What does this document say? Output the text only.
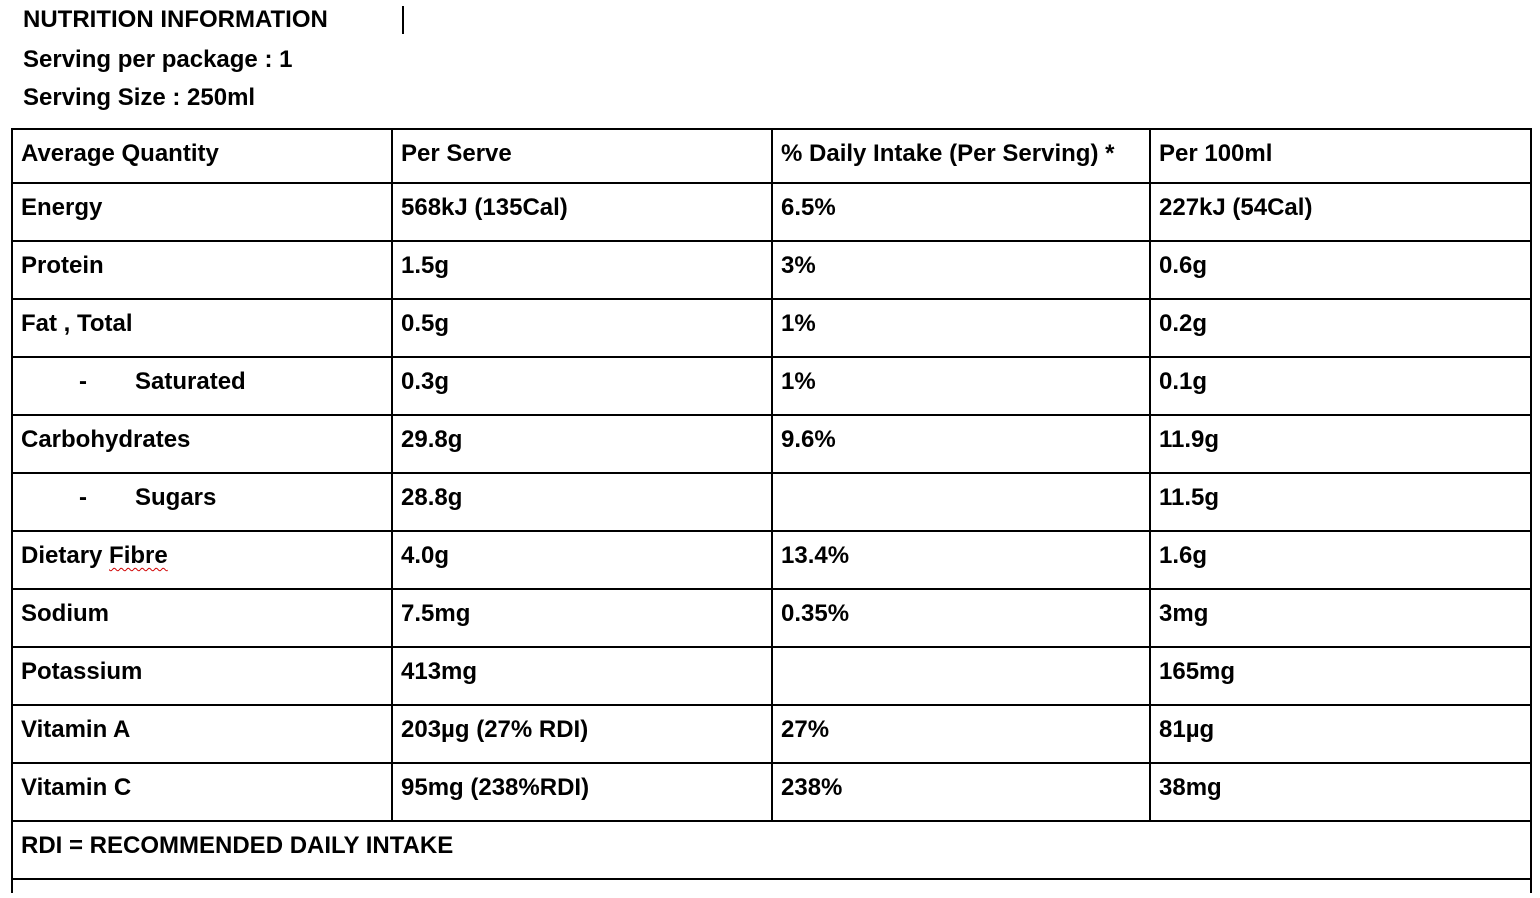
NUTRITION INFORMATION
Serving per package : 1
Serving Size : 250ml
Average Quantity	Per Serve	% Daily Intake (Per Serving) *	Per 100ml
Energy	568kJ (135Cal)	6.5%	227kJ (54Cal)
Protein	1.5g	3%	0.6g
Fat , Total	0.5g	1%	0.2g
- Saturated	0.3g	1%	0.1g
Carbohydrates	29.8g	9.6%	11.9g
- Sugars	28.8g		11.5g
Dietary Fibre	4.0g	13.4%	1.6g
Sodium	7.5mg	0.35%	3mg
Potassium	413mg		165mg
Vitamin A	203µg (27% RDI)	27%	81µg
Vitamin C	95mg (238%RDI)	238%	38mg
RDI = RECOMMENDED DAILY INTAKE			
